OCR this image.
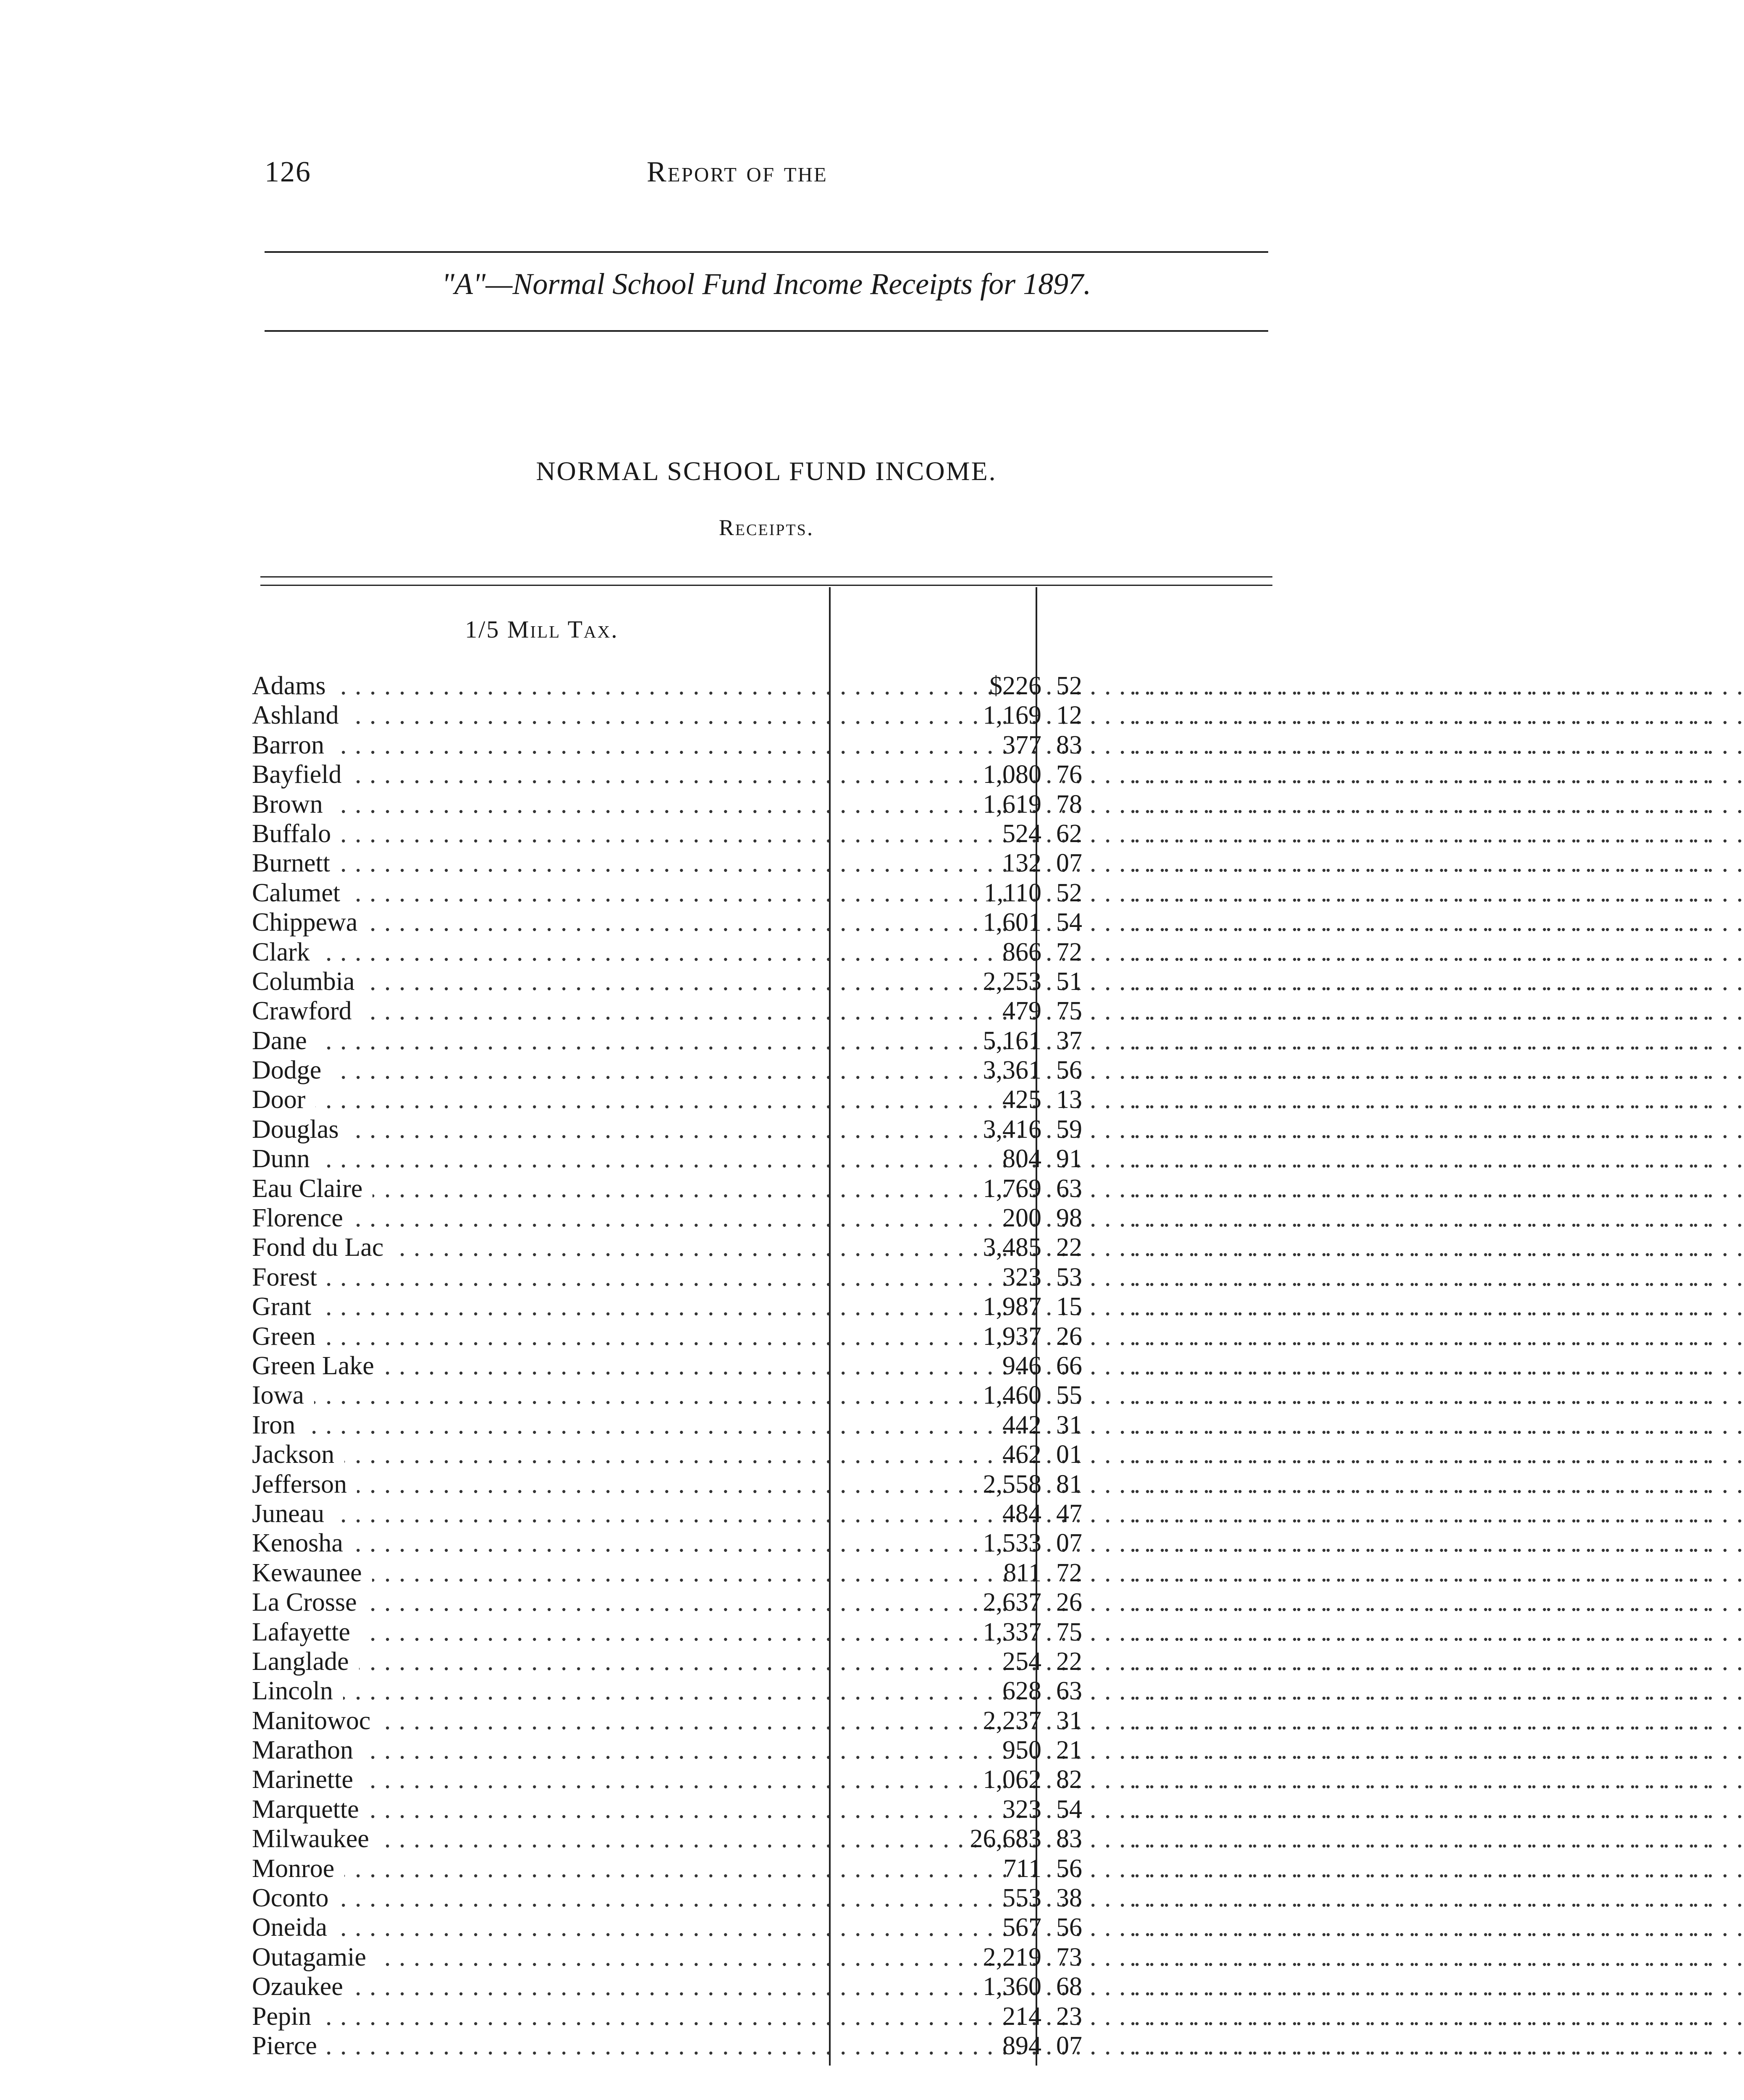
126	Report of the
"A"—Normal School Fund Income Receipts for 1897.
NORMAL SCHOOL FUND INCOME.
Receipts.
1/5 Mill Tax.
Adams . . .	$226 52	. . . . . . . . . . . . . . . . . . . . . . . . . . . . . . . . . . . . . . . .
Ashland . . .	1,169 12	. . . . . . . . . . . . . . . . . . . . . . . . . . . . . . . . . . . . . . . .
Barron . . .	377 83	. . . . . . . . . . . . . . . . . . . . . . . . . . . . . . . . . . . . . . . .
Bayfield . . .	1,080 76	. . . . . . . . . . . . . . . . . . . . . . . . . . . . . . . . . . . . . . . .
Brown . . .	1,619 78	. . . . . . . . . . . . . . . . . . . . . . . . . . . . . . . . . . . . . . . .
Buffalo . . .	524 62	. . . . . . . . . . . . . . . . . . . . . . . . . . . . . . . . . . . . . . . .
Burnett . . .	132 07	. . . . . . . . . . . . . . . . . . . . . . . . . . . . . . . . . . . . . . . .
Calumet . . .	1,110 52	. . . . . . . . . . . . . . . . . . . . . . . . . . . . . . . . . . . . . . . .
Chippewa . . .	1,601 54	. . . . . . . . . . . . . . . . . . . . . . . . . . . . . . . . . . . . . . . .
Clark . . .	866 72	. . . . . . . . . . . . . . . . . . . . . . . . . . . . . . . . . . . . . . . .
Columbia . . .	2,253 51	. . . . . . . . . . . . . . . . . . . . . . . . . . . . . . . . . . . . . . . .
Crawford . . .	479 75	. . . . . . . . . . . . . . . . . . . . . . . . . . . . . . . . . . . . . . . .
Dane . . .	5,161 37	. . . . . . . . . . . . . . . . . . . . . . . . . . . . . . . . . . . . . . . .
Dodge . . .	3,361 56	. . . . . . . . . . . . . . . . . . . . . . . . . . . . . . . . . . . . . . . .
Door . . .	425 13	. . . . . . . . . . . . . . . . . . . . . . . . . . . . . . . . . . . . . . . .
Douglas . . .	3,416 59	. . . . . . . . . . . . . . . . . . . . . . . . . . . . . . . . . . . . . . . .
Dunn . . .	804 91	. . . . . . . . . . . . . . . . . . . . . . . . . . . . . . . . . . . . . . . .
Eau Claire . . .	1,769 63	. . . . . . . . . . . . . . . . . . . . . . . . . . . . . . . . . . . . . . . .
Florence . . .	200 98	. . . . . . . . . . . . . . . . . . . . . . . . . . . . . . . . . . . . . . . .
Fond du Lac . . .	3,485 22	. . . . . . . . . . . . . . . . . . . . . . . . . . . . . . . . . . . . . . . .
Forest . . .	323 53	. . . . . . . . . . . . . . . . . . . . . . . . . . . . . . . . . . . . . . . .
Grant . . .	1,987 15	. . . . . . . . . . . . . . . . . . . . . . . . . . . . . . . . . . . . . . . .
Green . . .	1,937 26	. . . . . . . . . . . . . . . . . . . . . . . . . . . . . . . . . . . . . . . .
Green Lake . . .	946 66	. . . . . . . . . . . . . . . . . . . . . . . . . . . . . . . . . . . . . . . .
Iowa . . .	1,460 55	. . . . . . . . . . . . . . . . . . . . . . . . . . . . . . . . . . . . . . . .
Iron . . .	442 31	. . . . . . . . . . . . . . . . . . . . . . . . . . . . . . . . . . . . . . . .
Jackson . . .	462 01	. . . . . . . . . . . . . . . . . . . . . . . . . . . . . . . . . . . . . . . .
Jefferson . . .	2,558 81	. . . . . . . . . . . . . . . . . . . . . . . . . . . . . . . . . . . . . . . .
Juneau . . .	484 47	. . . . . . . . . . . . . . . . . . . . . . . . . . . . . . . . . . . . . . . .
Kenosha . . .	1,533 07	. . . . . . . . . . . . . . . . . . . . . . . . . . . . . . . . . . . . . . . .
Kewaunee . . .	811 72	. . . . . . . . . . . . . . . . . . . . . . . . . . . . . . . . . . . . . . . .
La Crosse . . .	2,637 26	. . . . . . . . . . . . . . . . . . . . . . . . . . . . . . . . . . . . . . . .
Lafayette . . .	1,337 75	. . . . . . . . . . . . . . . . . . . . . . . . . . . . . . . . . . . . . . . .
Langlade . . .	254 22	. . . . . . . . . . . . . . . . . . . . . . . . . . . . . . . . . . . . . . . .
Lincoln . . .	628 63	. . . . . . . . . . . . . . . . . . . . . . . . . . . . . . . . . . . . . . . .
Manitowoc . . .	2,237 31	. . . . . . . . . . . . . . . . . . . . . . . . . . . . . . . . . . . . . . . .
Marathon . . .	950 21	. . . . . . . . . . . . . . . . . . . . . . . . . . . . . . . . . . . . . . . .
Marinette . . .	1,062 82	. . . . . . . . . . . . . . . . . . . . . . . . . . . . . . . . . . . . . . . .
Marquette . . .	323 54	. . . . . . . . . . . . . . . . . . . . . . . . . . . . . . . . . . . . . . . .
Milwaukee . . .	26,683 83	. . . . . . . . . . . . . . . . . . . . . . . . . . . . . . . . . . . . . . . .
Monroe . . .	711 56	. . . . . . . . . . . . . . . . . . . . . . . . . . . . . . . . . . . . . . . .
Oconto . . .	553 38	. . . . . . . . . . . . . . . . . . . . . . . . . . . . . . . . . . . . . . . .
Oneida . . .	567 56	. . . . . . . . . . . . . . . . . . . . . . . . . . . . . . . . . . . . . . . .
Outagamie . . .	2,219 73	. . . . . . . . . . . . . . . . . . . . . . . . . . . . . . . . . . . . . . . .
Ozaukee . . .	1,360 68	. . . . . . . . . . . . . . . . . . . . . . . . . . . . . . . . . . . . . . . .
Pepin . . .	214 23	. . . . . . . . . . . . . . . . . . . . . . . . . . . . . . . . . . . . . . . .
Pierce . . .	894 07	. . . . . . . . . . . . . . . . . . . . . . . . . . . . . . . . . . . . . . . .
